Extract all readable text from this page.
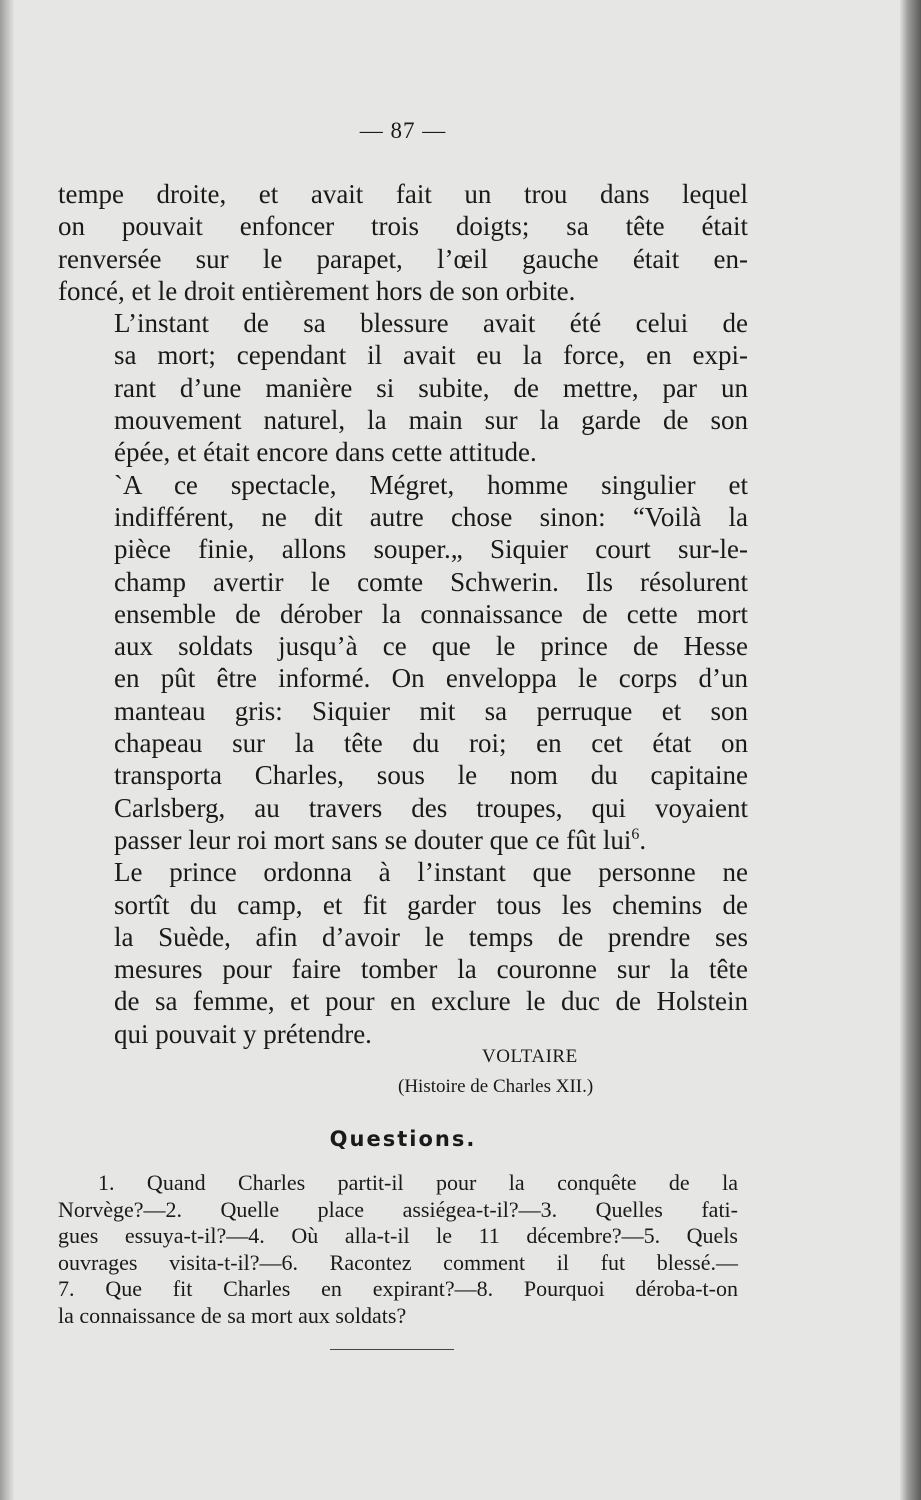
— 87 —

tempe droite, et avait fait un trou dans lequel
on pouvait enfoncer trois doigts; sa tête était
renversée sur le parapet, l’œil gauche était en-
foncé, et le droit entièrement hors de son orbite.

L’instant de sa blessure avait été celui de
sa mort; cependant il avait eu la force, en expi-
rant d’une manière si subite, de mettre, par un
mouvement naturel, la main sur la garde de son
épée, et était encore dans cette attitude.

`A ce spectacle, Mégret, homme singulier et
indifférent, ne dit autre chose sinon: “Voilà la
pièce finie, allons souper.„ Siquier court sur-le-
champ avertir le comte Schwerin. Ils résolurent
ensemble de dérober la connaissance de cette mort
aux soldats jusqu’à ce que le prince de Hesse
en pût être informé. On enveloppa le corps d’un
manteau gris: Siquier mit sa perruque et son
chapeau sur la tête du roi; en cet état on
transporta Charles, sous le nom du capitaine
Carlsberg, au travers des troupes, qui voyaient
passer leur roi mort sans se douter que ce fût lui$^6$.

Le prince ordonna à l’instant que personne ne
sortît du camp, et fit garder tous les chemins de
la Suède, afin d’avoir le temps de prendre ses
mesures pour faire tomber la couronne sur la tête
de sa femme, et pour en exclure le duc de Holstein
qui pouvait y prétendre.

VOLTAIRE
(Histoire de Charles XII.)
Questions.
1. Quand Charles partit-il pour la conquête de la
Norvège?—2. Quelle place assiégea-t-il?—3. Quelles fati-
gues essuya-t-il?—4. Où alla-t-il le 11 décembre?—5. Quels
ouvrages visita-t-il?—6. Racontez comment il fut blessé.—
7. Que fit Charles en expirant?—8. Pourquoi déroba-t-on
la connaissance de sa mort aux soldats?
